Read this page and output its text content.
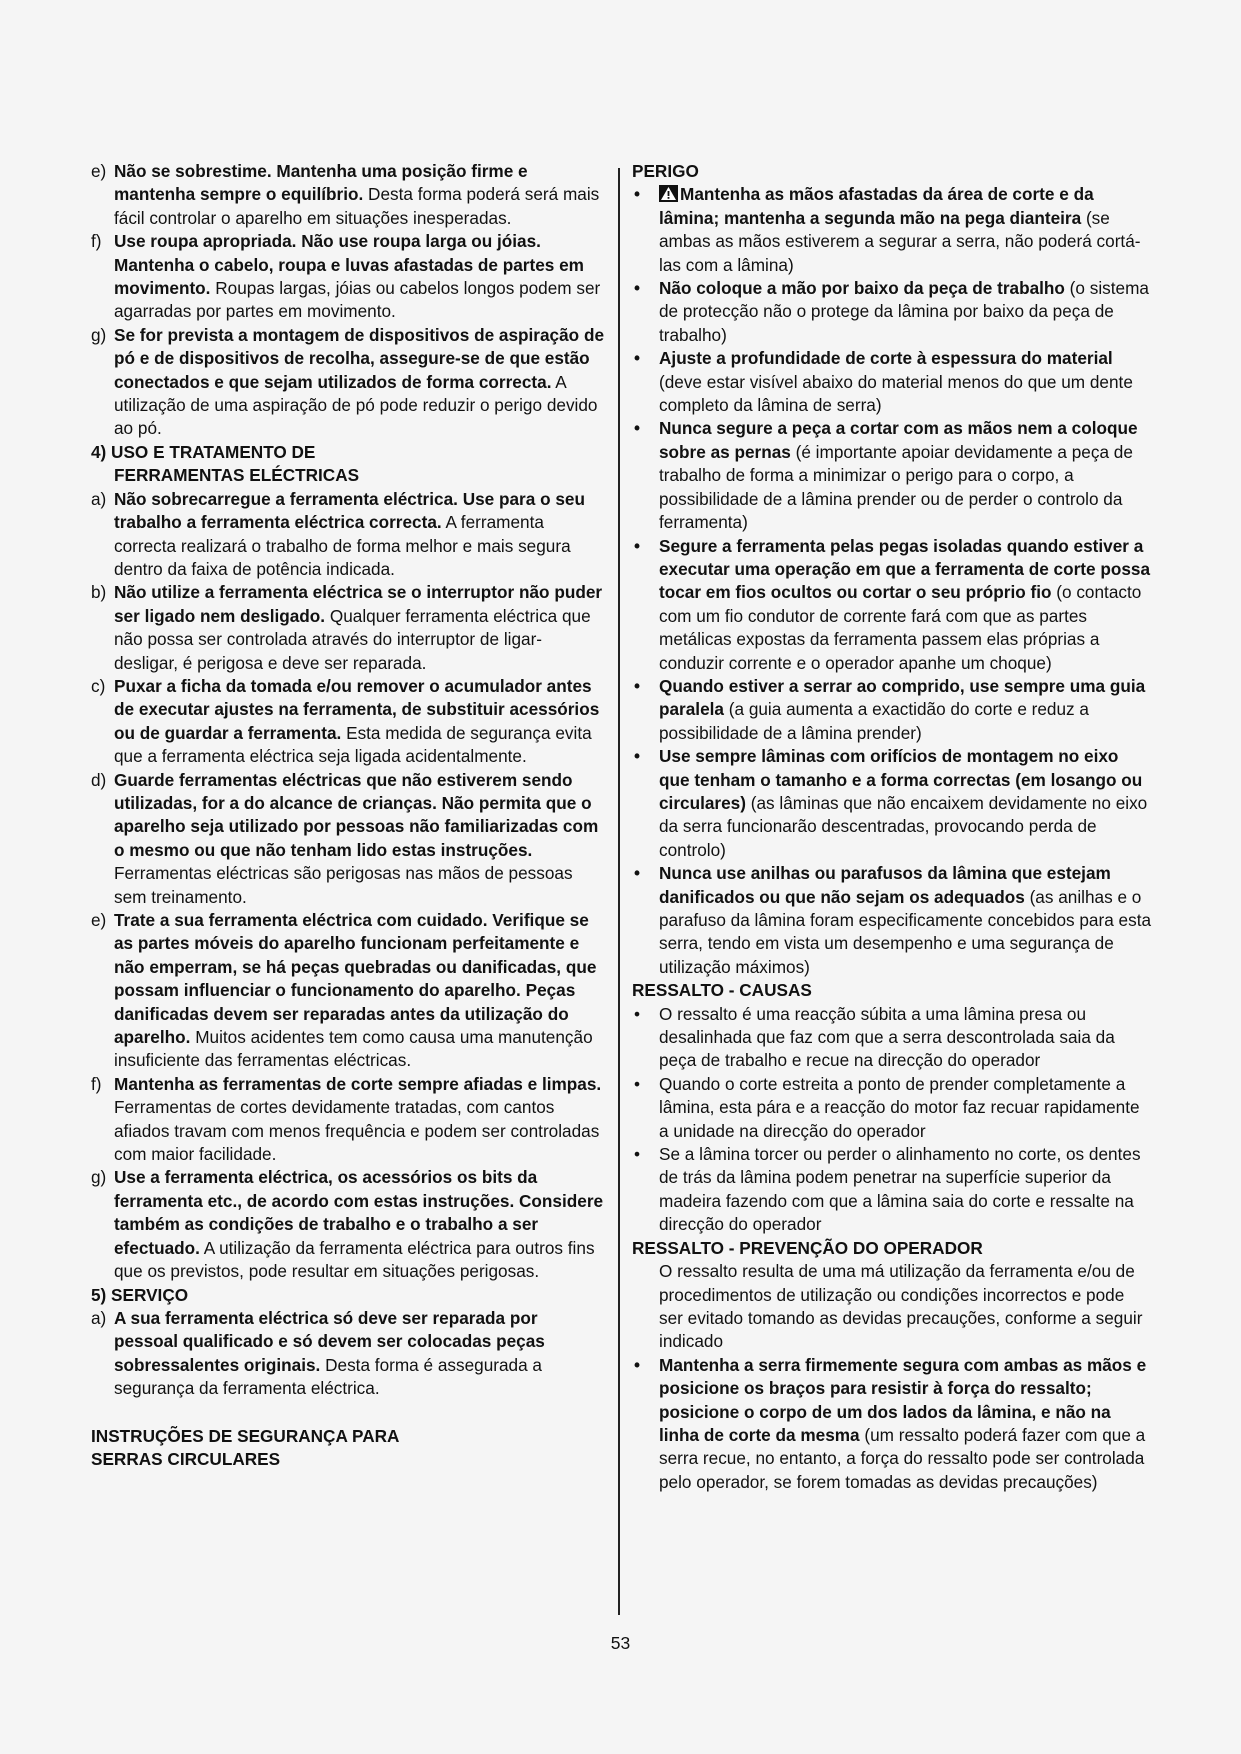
e) Não se sobrestime. Mantenha uma posição firme e mantenha sempre o equilíbrio. Desta forma poderá será mais fácil controlar o aparelho em situações inesperadas.

f) Use roupa apropriada. Não use roupa larga ou jóias. Mantenha o cabelo, roupa e luvas afastadas de partes em movimento. Roupas largas, jóias ou cabelos longos podem ser agarradas por partes em movimento.

g) Se for prevista a montagem de dispositivos de aspiração de pó e de dispositivos de recolha, assegure-se de que estão conectados e que sejam utilizados de forma correcta. A utilização de uma aspiração de pó pode reduzir o perigo devido ao pó.

4) USO E TRATAMENTO DE
FERRAMENTAS ELÉCTRICAS

a) Não sobrecarregue a ferramenta eléctrica. Use para o seu trabalho a ferramenta eléctrica correcta. A ferramenta correcta realizará o trabalho de forma melhor e mais segura dentro da faixa de potência indicada.

b) Não utilize a ferramenta eléctrica se o interruptor não puder ser ligado nem desligado. Qualquer ferramenta eléctrica que não possa ser controlada através do interruptor de ligar-desligar, é perigosa e deve ser reparada.

c) Puxar a ficha da tomada e/ou remover o acumulador antes de executar ajustes na ferramenta, de substituir acessórios ou de guardar a ferramenta. Esta medida de segurança evita que a ferramenta eléctrica seja ligada acidentalmente.

d) Guarde ferramentas eléctricas que não estiverem sendo utilizadas, for a do alcance de crianças. Não permita que o aparelho seja utilizado por pessoas não familiarizadas com o mesmo ou que não tenham lido estas instruções. Ferramentas eléctricas são perigosas nas mãos de pessoas sem treinamento.

e) Trate a sua ferramenta eléctrica com cuidado. Verifique se as partes móveis do aparelho funcionam perfeitamente e não emperram, se há peças quebradas ou danificadas, que possam influenciar o funcionamento do aparelho. Peças danificadas devem ser reparadas antes da utilização do aparelho. Muitos acidentes tem como causa uma manutenção insuficiente das ferramentas eléctricas.

f) Mantenha as ferramentas de corte sempre afiadas e limpas. Ferramentas de cortes devidamente tratadas, com cantos afiados travam com menos frequência e podem ser controladas com maior facilidade.

g) Use a ferramenta eléctrica, os acessórios os bits da ferramenta etc., de acordo com estas instruções. Considere também as condições de trabalho e o trabalho a ser efectuado. A utilização da ferramenta eléctrica para outros fins que os previstos, pode resultar em situações perigosas.

5) SERVIÇO

a) A sua ferramenta eléctrica só deve ser reparada por pessoal qualificado e só devem ser colocadas peças sobressalentes originais. Desta forma é assegurada a segurança da ferramenta eléctrica.

INSTRUÇÕES DE SEGURANÇA PARA
SERRAS CIRCULARES

PERIGO

• Mantenha as mãos afastadas da área de corte e da lâmina; mantenha a segunda mão na pega dianteira (se ambas as mãos estiverem a segurar a serra, não poderá cortá-las com a lâmina)

• Não coloque a mão por baixo da peça de trabalho (o sistema de protecção não o protege da lâmina por baixo da peça de trabalho)

• Ajuste a profundidade de corte à espessura do material (deve estar visível abaixo do material menos do que um dente completo da lâmina de serra)

• Nunca segure a peça a cortar com as mãos nem a coloque sobre as pernas (é importante apoiar devidamente a peça de trabalho de forma a minimizar o perigo para o corpo, a possibilidade de a lâmina prender ou de perder o controlo da ferramenta)

• Segure a ferramenta pelas pegas isoladas quando estiver a executar uma operação em que a ferramenta de corte possa tocar em fios ocultos ou cortar o seu próprio fio (o contacto com um fio condutor de corrente fará com que as partes metálicas expostas da ferramenta passem elas próprias a conduzir corrente e o operador apanhe um choque)

• Quando estiver a serrar ao comprido, use sempre uma guia paralela (a guia aumenta a exactidão do corte e reduz a possibilidade de a lâmina prender)

• Use sempre lâminas com orifícios de montagem no eixo que tenham o tamanho e a forma correctas (em losango ou circulares) (as lâminas que não encaixem devidamente no eixo da serra funcionarão descentradas, provocando perda de controlo)

• Nunca use anilhas ou parafusos da lâmina que estejam danificados ou que não sejam os adequados (as anilhas e o parafuso da lâmina foram especificamente concebidos para esta serra, tendo em vista um desempenho e uma segurança de utilização máximos)

RESSALTO - CAUSAS

• O ressalto é uma reacção súbita a uma lâmina presa ou desalinhada que faz com que a serra descontrolada saia da peça de trabalho e recue na direcção do operador

• Quando o corte estreita a ponto de prender completamente a lâmina, esta pára e a reacção do motor faz recuar rapidamente a unidade na direcção do operador

• Se a lâmina torcer ou perder o alinhamento no corte, os dentes de trás da lâmina podem penetrar na superfície superior da madeira fazendo com que a lâmina saia do corte e ressalte na direcção do operador

RESSALTO - PREVENÇÃO DO OPERADOR

O ressalto resulta de uma má utilização da ferramenta e/ou de procedimentos de utilização ou condições incorrectos e pode ser evitado tomando as devidas precauções, conforme a seguir indicado

• Mantenha a serra firmemente segura com ambas as mãos e posicione os braços para resistir à força do ressalto; posicione o corpo de um dos lados da lâmina, e não na linha de corte da mesma (um ressalto poderá fazer com que a serra recue, no entanto, a força do ressalto pode ser controlada pelo operador, se forem tomadas as devidas precauções)

53
